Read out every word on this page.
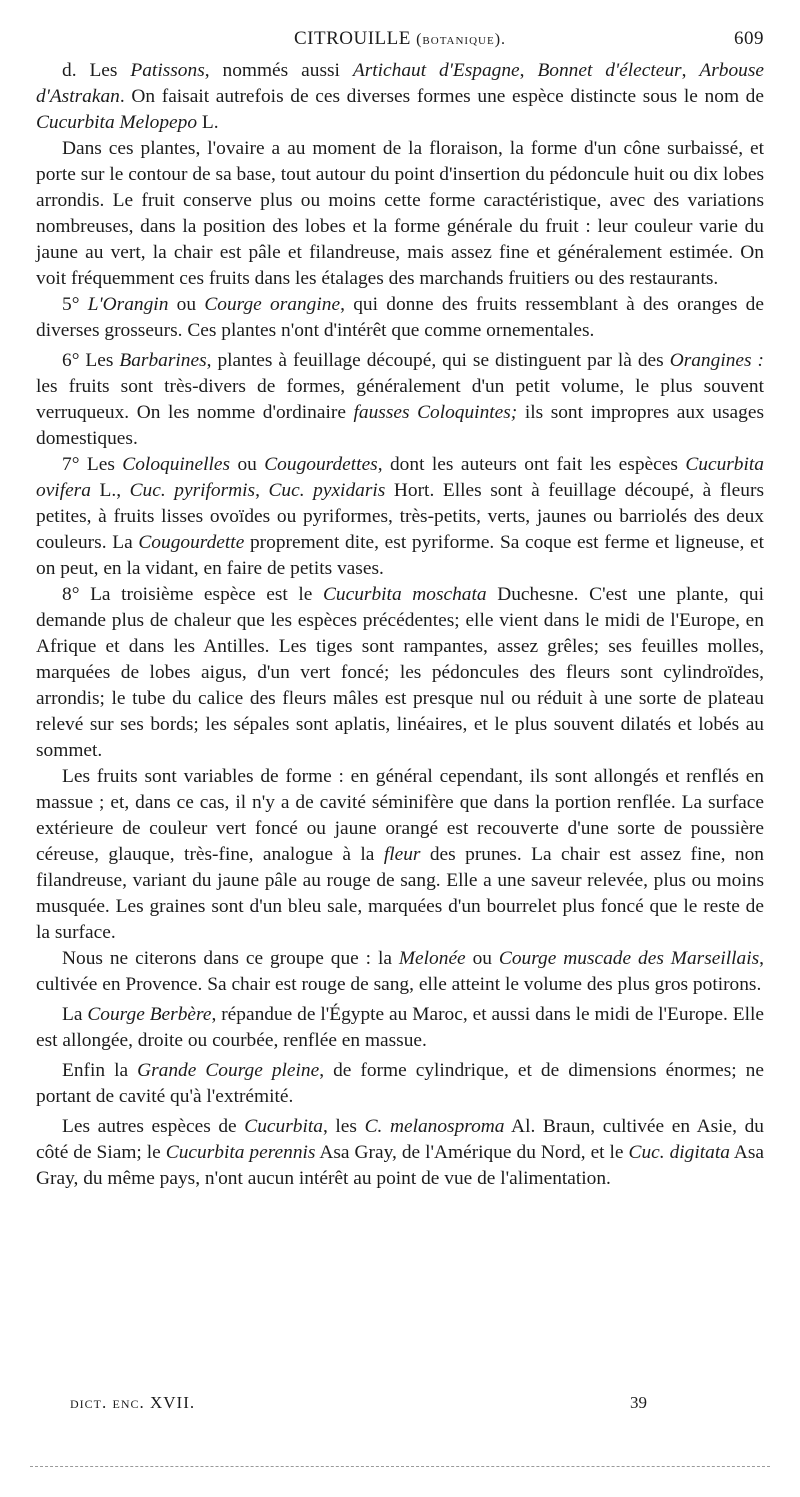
CITROUILLE (botanique).	609

d. Les Patissons, nommés aussi Artichaut d'Espagne, Bonnet d'électeur, Arbouse d'Astrakan. On faisait autrefois de ces diverses formes une espèce distincte sous le nom de Cucurbita Melopepo L.

Dans ces plantes, l'ovaire a au moment de la floraison, la forme d'un cône surbaissé, et porte sur le contour de sa base, tout autour du point d'insertion du pédoncule huit ou dix lobes arrondis. Le fruit conserve plus ou moins cette forme caractéristique, avec des variations nombreuses, dans la position des lobes et la forme générale du fruit : leur couleur varie du jaune au vert, la chair est pâle et filandreuse, mais assez fine et généralement estimée. On voit fréquemment ces fruits dans les étalages des marchands fruitiers ou des restaurants.

5° L'Orangin ou Courge orangine, qui donne des fruits ressemblant à des oranges de diverses grosseurs. Ces plantes n'ont d'intérêt que comme ornementales.

6° Les Barbarines, plantes à feuillage découpé, qui se distinguent par là des Orangines : les fruits sont très-divers de formes, généralement d'un petit volume, le plus souvent verruqueux. On les nomme d'ordinaire fausses Coloquintes; ils sont impropres aux usages domestiques.

7° Les Coloquinelles ou Cougourdettes, dont les auteurs ont fait les espèces Cucurbita ovifera L., Cuc. pyriformis, Cuc. pyxidaris Hort. Elles sont à feuillage découpé, à fleurs petites, à fruits lisses ovoïdes ou pyriformes, très-petits, verts, jaunes ou barriolés des deux couleurs. La Cougourdette proprement dite, est pyriforme. Sa coque est ferme et ligneuse, et on peut, en la vidant, en faire de petits vases.

8° La troisième espèce est le Cucurbita moschata Duchesne. C'est une plante, qui demande plus de chaleur que les espèces précédentes; elle vient dans le midi de l'Europe, en Afrique et dans les Antilles. Les tiges sont rampantes, assez grêles; ses feuilles molles, marquées de lobes aigus, d'un vert foncé; les pédoncules des fleurs sont cylindroïdes, arrondis; le tube du calice des fleurs mâles est presque nul ou réduit à une sorte de plateau relevé sur ses bords; les sépales sont aplatis, linéaires, et le plus souvent dilatés et lobés au sommet.

Les fruits sont variables de forme : en général cependant, ils sont allongés et renflés en massue ; et, dans ce cas, il n'y a de cavité séminifère que dans la portion renflée. La surface extérieure de couleur vert foncé ou jaune orangé est recouverte d'une sorte de poussière céreuse, glauque, très-fine, analogue à la fleur des prunes. La chair est assez fine, non filandreuse, variant du jaune pâle au rouge de sang. Elle a une saveur relevée, plus ou moins musquée. Les graines sont d'un bleu sale, marquées d'un bourrelet plus foncé que le reste de la surface.

Nous ne citerons dans ce groupe que : la Melonée ou Courge muscade des Marseillais, cultivée en Provence. Sa chair est rouge de sang, elle atteint le volume des plus gros potirons.

La Courge Berbère, répandue de l'Égypte au Maroc, et aussi dans le midi de l'Europe. Elle est allongée, droite ou courbée, renflée en massue.

Enfin la Grande Courge pleine, de forme cylindrique, et de dimensions énormes; ne portant de cavité qu'à l'extrémité.

Les autres espèces de Cucurbita, les C. melanosproma Al. Braun, cultivée en Asie, du côté de Siam; le Cucurbita perennis Asa Gray, de l'Amérique du Nord, et le Cuc. digitata Asa Gray, du même pays, n'ont aucun intérêt au point de vue de l'alimentation.

dict. enc. XVII.	39
